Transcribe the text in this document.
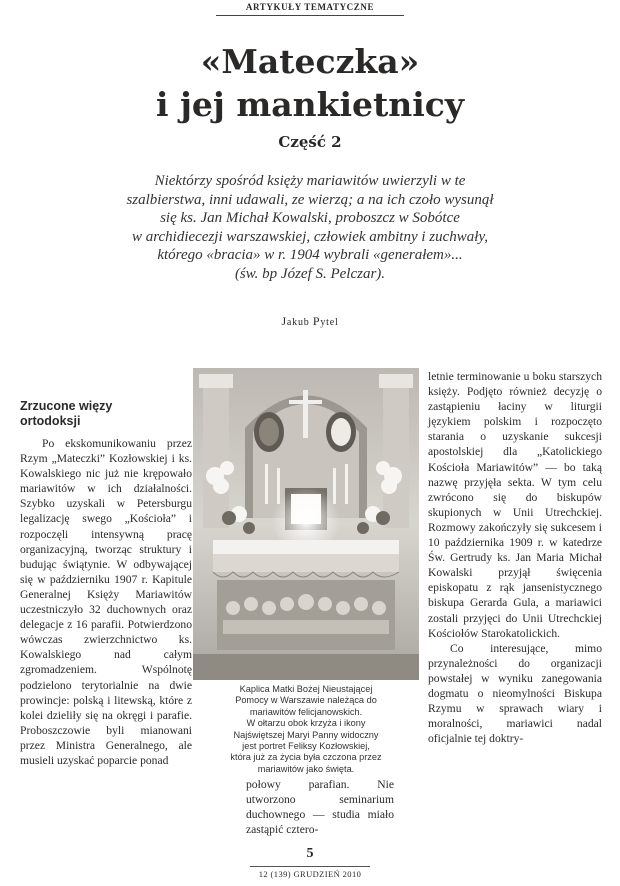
ARTYKUŁY TEMATYCZNE
«Mateczka»
i jej mankietnicy
Część 2
Niektórzy spośród księży mariawitów uwierzyli w te
szalbierstwa, inni udawali, ze wierzą; a na ich czoło wysunął
się ks. Jan Michał Kowalski, proboszcz w Sobótce
w archidiecezji warszawskiej, człowiek ambitny i zuchwały,
którego «bracia» w r. 1904 wybrali «generałem»...
(św. bp Józef S. Pelczar).
Jakub Pytel
Zrzucone więzy
ortodoksji

Po ekskomunikowaniu przez Rzym „Mateczki” Kozłowskiej i ks. Kowalskiego nic już nie krępowało mariawitów w ich działalności. Szybko uzyskali w Petersburgu legalizację swego „Kościoła” i rozpoczęli intensywną pracę organizacyjną, tworząc struktury i budując świątynie. W odbywającej się w październiku 1907 r. Kapitule Generalnej Księży Mariawitów uczestniczyło 32 duchownych oraz delegacje z 16 parafii. Potwierdzono wówczas zwierzchnictwo ks. Kowalskiego nad całym zgromadzeniem. Wspólnotę podzielono terytorialnie na dwie prowincje: polską i litewską, które z kolei dzieliły się na okręgi i parafie. Proboszczowie byli mianowani przez Ministra Generalnego, ale musieli uzyskać poparcie ponad

Kaplica Matki Bożej Nieustającej
Pomocy w Warszawie należąca do
mariawitów felicjanowskich.
W ołtarzu obok krzyża i ikony
Najświętszej Maryi Panny widoczny
jest portret Feliksy Kozłowskiej,
która już za życia była czczona przez
mariawitów jako święta.

połowy parafian. Nie utworzono seminarium duchownego — studia miało zastąpić cztero-

letnie terminowanie u boku starszych księży. Podjęto również decyzję o zastąpieniu łaciny w liturgii językiem polskim i rozpoczęto starania o uzyskanie sukcesji apostolskiej dla „Katolickiego Kościoła Mariawitów” — bo taką nazwę przyjęła sekta. W tym celu zwrócono się do biskupów skupionych w Unii Utrechckiej. Rozmowy zakończyły się sukcesem i 10 października 1909 r. w katedrze Św. Gertrudy ks. Jan Maria Michał Kowalski przyjął święcenia episkopatu z rąk jansenistycznego biskupa Gerarda Gula, a mariawici zostali przyjęci do Unii Utrechckiej Kościołów Starokatolickich.

Co interesujące, mimo przynależności do organizacji powstałej w wyniku zanegowania dogmatu o nieomylności Biskupa Rzymu w sprawach wiary i moralności, mariawici nadal oficjalnie tej doktry-

5
12 (139) GRUDZIEŃ 2010
